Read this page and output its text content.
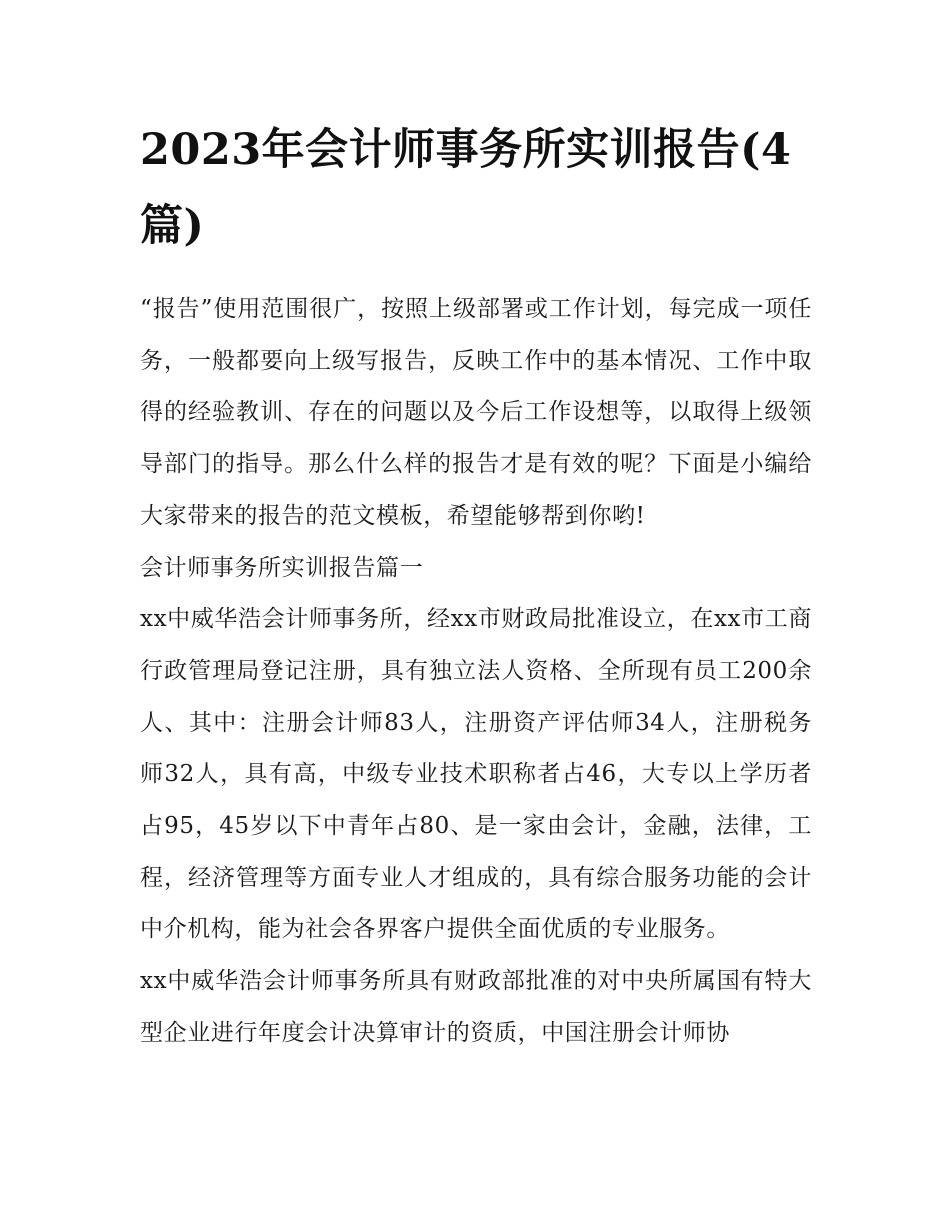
2023年会计师事务所实训报告(4篇)

“报告”使用范围很广，按照上级部署或工作计划，每完成一项任务，一般都要向上级写报告，反映工作中的基本情况、工作中取得的经验教训、存在的问题以及今后工作设想等，以取得上级领导部门的指导。那么什么样的报告才是有效的呢？下面是小编给大家带来的报告的范文模板，希望能够帮到你哟!

会计师事务所实训报告篇一

xx中威华浩会计师事务所，经xx市财政局批准设立，在xx市工商行政管理局登记注册，具有独立法人资格、全所现有员工200余人、其中：注册会计师83人，注册资产评估师34人，注册税务师32人，具有高，中级专业技术职称者占46，大专以上学历者占95，45岁以下中青年占80、是一家由会计，金融，法律，工程，经济管理等方面专业人才组成的，具有综合服务功能的会计中介机构，能为社会各界客户提供全面优质的专业服务。

xx中威华浩会计师事务所具有财政部批准的对中央所属国有特大型企业进行年度会计决算审计的资质，中国注册会计师协
